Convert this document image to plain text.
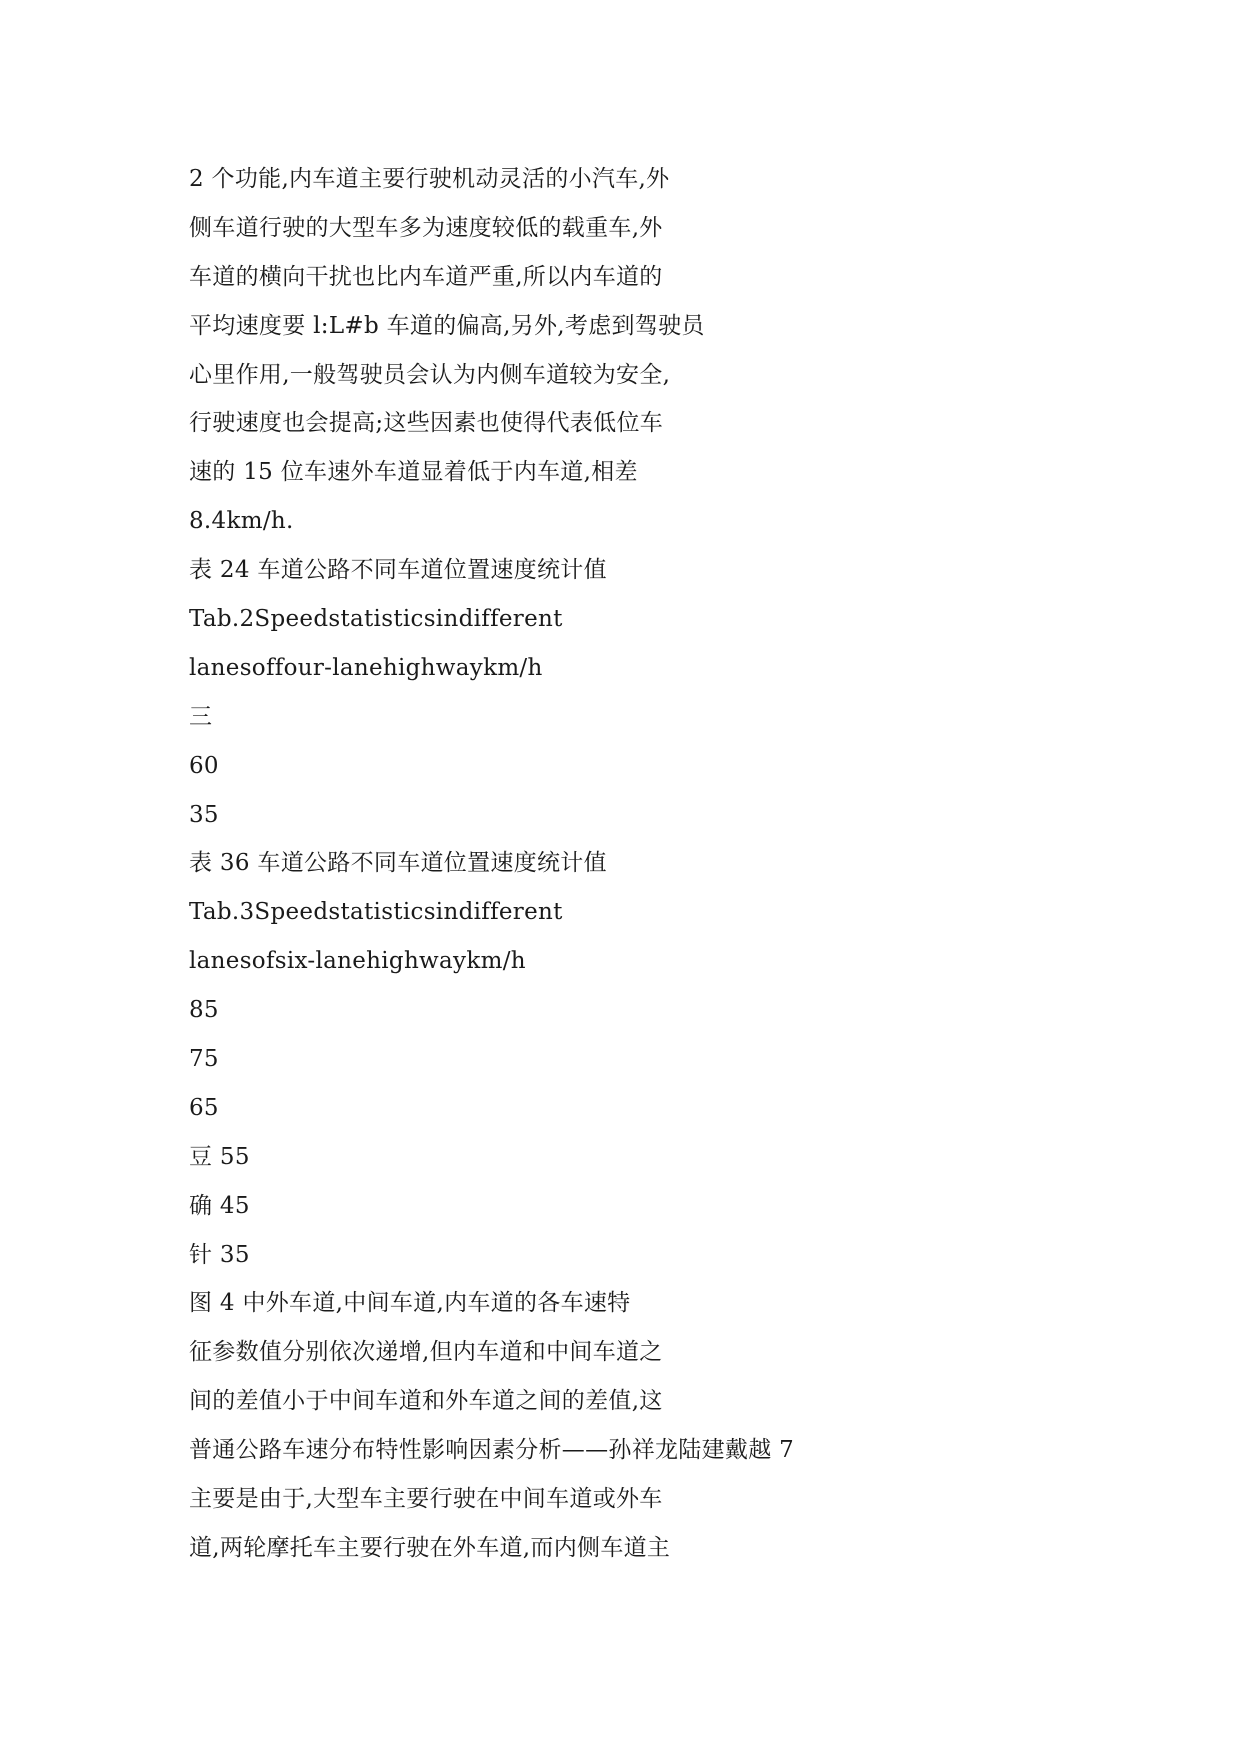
2 个功能,内车道主要行驶机动灵活的小汽车,外
侧车道行驶的大型车多为速度较低的载重车,外
车道的横向干扰也比内车道严重,所以内车道的
平均速度要 l:L#b 车道的偏高,另外,考虑到驾驶员
心里作用,一般驾驶员会认为内侧车道较为安全,
行驶速度也会提高;这些因素也使得代表低位车
速的 15 位车速外车道显着低于内车道,相差
8.4km/h.
表 24 车道公路不同车道位置速度统计值
Tab.2Speedstatisticsindifferent
lanesoffour-lanehighwaykm/h
三
60
35
表 36 车道公路不同车道位置速度统计值
Tab.3Speedstatisticsindifferent
lanesofsix-lanehighwaykm/h
85
75
65
豆 55
确 45
针 35
图 4 中外车道,中间车道,内车道的各车速特
征参数值分别依次递增,但内车道和中间车道之
间的差值小于中间车道和外车道之间的差值,这
普通公路车速分布特性影响因素分析——孙祥龙陆建戴越 7
主要是由于,大型车主要行驶在中间车道或外车
道,两轮摩托车主要行驶在外车道,而内侧车道主
